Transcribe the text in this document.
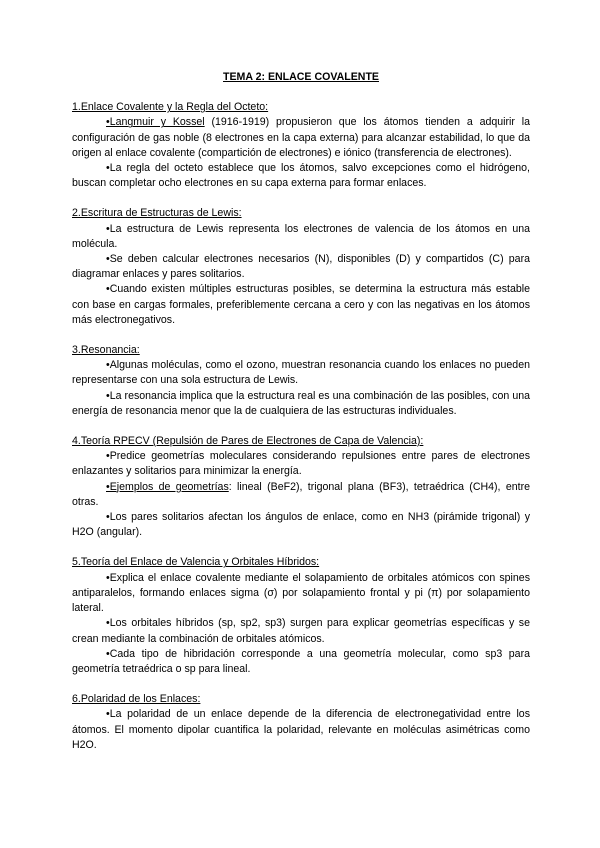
TEMA 2: ENLACE COVALENTE
1.Enlace Covalente y la Regla del Octeto:
•Langmuir y Kossel (1916-1919) propusieron que los átomos tienden a adquirir la configuración de gas noble (8 electrones en la capa externa) para alcanzar estabilidad, lo que da origen al enlace covalente (compartición de electrones) e iónico (transferencia de electrones).
•La regla del octeto establece que los átomos, salvo excepciones como el hidrógeno, buscan completar ocho electrones en su capa externa para formar enlaces.
2.Escritura de Estructuras de Lewis:
•La estructura de Lewis representa los electrones de valencia de los átomos en una molécula.
•Se deben calcular electrones necesarios (N), disponibles (D) y compartidos (C) para diagramar enlaces y pares solitarios.
•Cuando existen múltiples estructuras posibles, se determina la estructura más estable con base en cargas formales, preferiblemente cercana a cero y con las negativas en los átomos más electronegativos.
3.Resonancia:
•Algunas moléculas, como el ozono, muestran resonancia cuando los enlaces no pueden representarse con una sola estructura de Lewis.
•La resonancia implica que la estructura real es una combinación de las posibles, con una energía de resonancia menor que la de cualquiera de las estructuras individuales.
4.Teoría RPECV (Repulsión de Pares de Electrones de Capa de Valencia):
•Predice geometrías moleculares considerando repulsiones entre pares de electrones enlazantes y solitarios para minimizar la energía.
•Ejemplos de geometrías: lineal (BeF2), trigonal plana (BF3), tetraédrica (CH4), entre otras.
•Los pares solitarios afectan los ángulos de enlace, como en NH3 (pirámide trigonal) y H2O (angular).
5.Teoría del Enlace de Valencia y Orbitales Híbridos:
•Explica el enlace covalente mediante el solapamiento de orbitales atómicos con spines antiparalelos, formando enlaces sigma (σ) por solapamiento frontal y pi (π) por solapamiento lateral.
•Los orbitales híbridos (sp, sp2, sp3) surgen para explicar geometrías específicas y se crean mediante la combinación de orbitales atómicos.
•Cada tipo de hibridación corresponde a una geometría molecular, como sp3 para geometría tetraédrica o sp para lineal.
6.Polaridad de los Enlaces:
•La polaridad de un enlace depende de la diferencia de electronegatividad entre los átomos. El momento dipolar cuantifica la polaridad, relevante en moléculas asimétricas como H2O.
